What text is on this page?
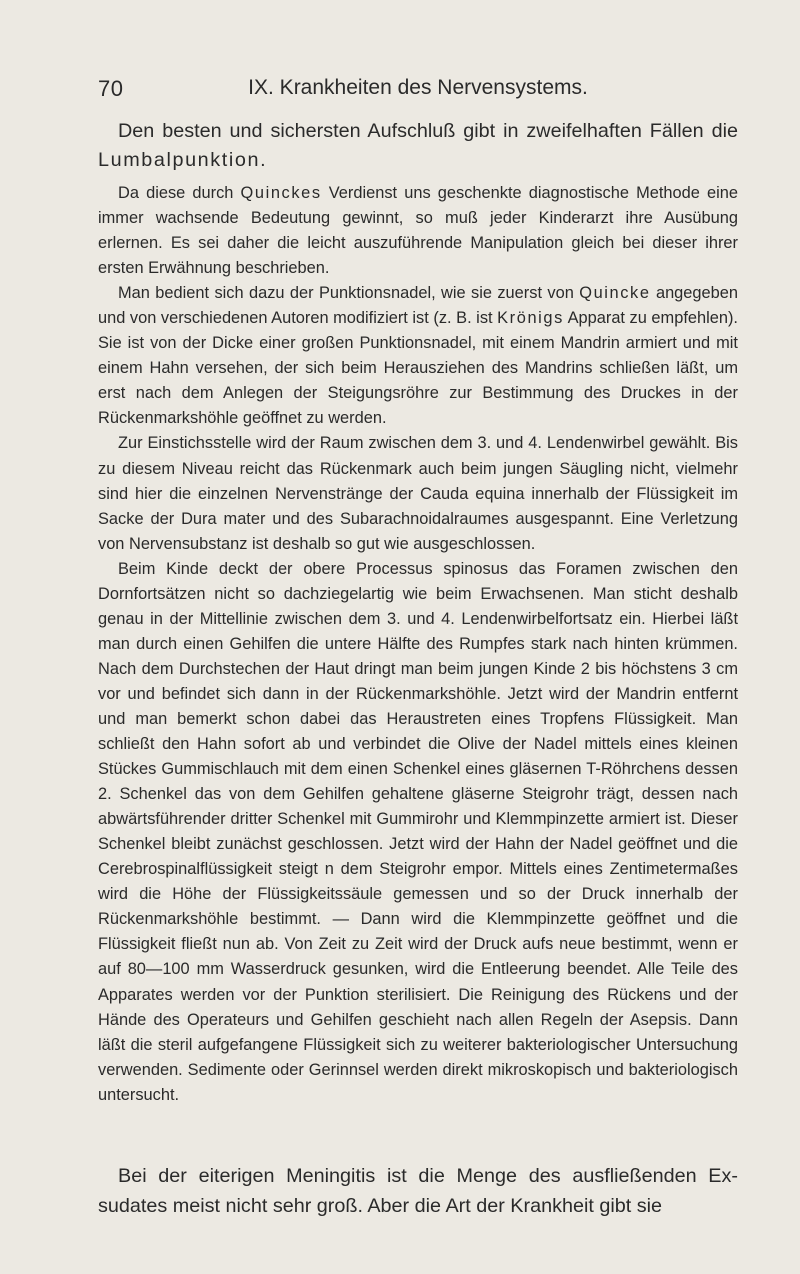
70	IX. Krankheiten des Nervensystems.

Den besten und sichersten Aufschluß gibt in zweifelhaften Fällen die Lumbalpunktion.

Da diese durch Quinckes Verdienst uns geschenkte diagnostische Methode eine immer wachsende Bedeutung gewinnt, so muß jeder Kinderarzt ihre Ausübung erlernen. Es sei daher die leicht auszuführende Manipulation gleich bei dieser ihrer ersten Erwähnung beschrieben.

Man bedient sich dazu der Punktionsnadel, wie sie zuerst von Quincke angegeben und von verschiedenen Autoren modifiziert ist (z. B. ist Krönigs Apparat zu empfehlen). Sie ist von der Dicke einer großen Punktionsnadel, mit einem Mandrin armiert und mit einem Hahn versehen, der sich beim Herausziehen des Mandrins schließen läßt, um erst nach dem Anlegen der Steigungsröhre zur Bestimmung des Druckes in der Rückenmarkshöhle geöffnet zu werden.

Zur Einstichsstelle wird der Raum zwischen dem 3. und 4. Lendenwirbel gewählt. Bis zu diesem Niveau reicht das Rückenmark auch beim jungen Säugling nicht, vielmehr sind hier die einzelnen Nervenstränge der Cauda equina innerhalb der Flüssigkeit im Sacke der Dura mater und des Subarachnoidalraumes ausgespannt. Eine Verletzung von Nervensubstanz ist deshalb so gut wie ausgeschlossen.

Beim Kinde deckt der obere Processus spinosus das Foramen zwischen den Dornfortsätzen nicht so dachziegelartig wie beim Erwachsenen. Man sticht deshalb genau in der Mittellinie zwischen dem 3. und 4. Lendenwirbelfortsatz ein. Hierbei läßt man durch einen Gehilfen die untere Hälfte des Rumpfes stark nach hinten krümmen. Nach dem Durchstechen der Haut dringt man beim jungen Kinde 2 bis höchstens 3 cm vor und befindet sich dann in der Rückenmarkshöhle. Jetzt wird der Mandrin entfernt und man bemerkt schon dabei das Heraustreten eines Tropfens Flüssigkeit. Man schließt den Hahn sofort ab und verbindet die Olive der Nadel mittels eines kleinen Stückes Gummischlauch mit dem einen Schenkel eines gläsernen T-Röhrchens dessen 2. Schenkel das von dem Gehilfen gehaltene gläserne Steigrohr trägt, dessen nach abwärtsführender dritter Schenkel mit Gummirohr und Klemmpinzette armiert ist. Dieser Schenkel bleibt zunächst geschlossen. Jetzt wird der Hahn der Nadel geöffnet und die Cerebrospinalflüssigkeit steigt n dem Steigrohr empor. Mittels eines Zentimetermaßes wird die Höhe der Flüssigkeitssäule gemessen und so der Druck innerhalb der Rückenmarkshöhle bestimmt. — Dann wird die Klemmpinzette geöffnet und die Flüssigkeit fließt nun ab. Von Zeit zu Zeit wird der Druck aufs neue bestimmt, wenn er auf 80—100 mm Wasserdruck gesunken, wird die Entleerung beendet. Alle Teile des Apparates werden vor der Punktion sterilisiert. Die Reinigung des Rückens und der Hände des Operateurs und Gehilfen geschieht nach allen Regeln der Asepsis. Dann läßt die steril aufgefangene Flüssigkeit sich zu weiterer bakteriologischer Untersuchung verwenden. Sedimente oder Gerinnsel werden direkt mikroskopisch und bakteriologisch untersucht.

Bei der eiterigen Meningitis ist die Menge des ausfließenden Exsudates meist nicht sehr groß. Aber die Art der Krankheit gibt sie
